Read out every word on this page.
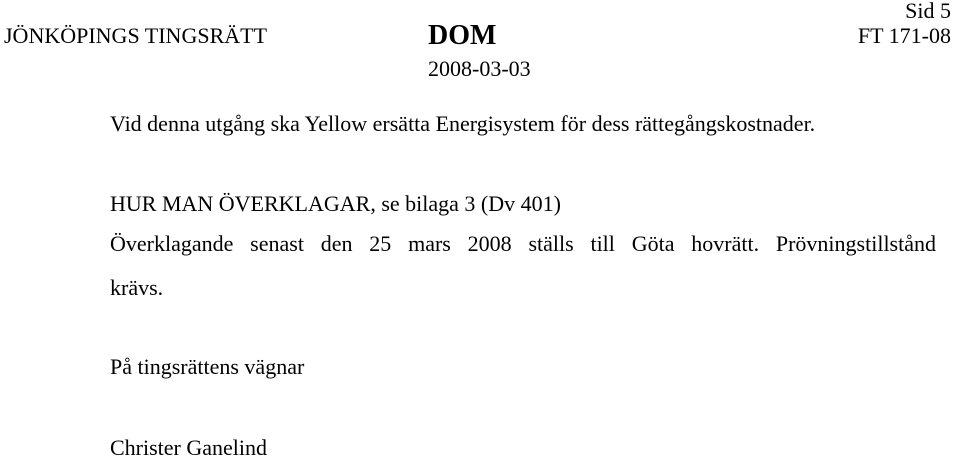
Sid 5
JÖNKÖPINGS TINGSRÄTT	DOM	FT 171-08
2008-03-03
Vid denna utgång ska Yellow ersätta Energisystem för dess rättegångskostnader.
HUR MAN ÖVERKLAGAR, se bilaga 3 (Dv 401)
Överklagande senast den 25 mars 2008 ställs till Göta hovrätt. Prövningstillstånd
krävs.
På tingsrättens vägnar
Christer Ganelind
